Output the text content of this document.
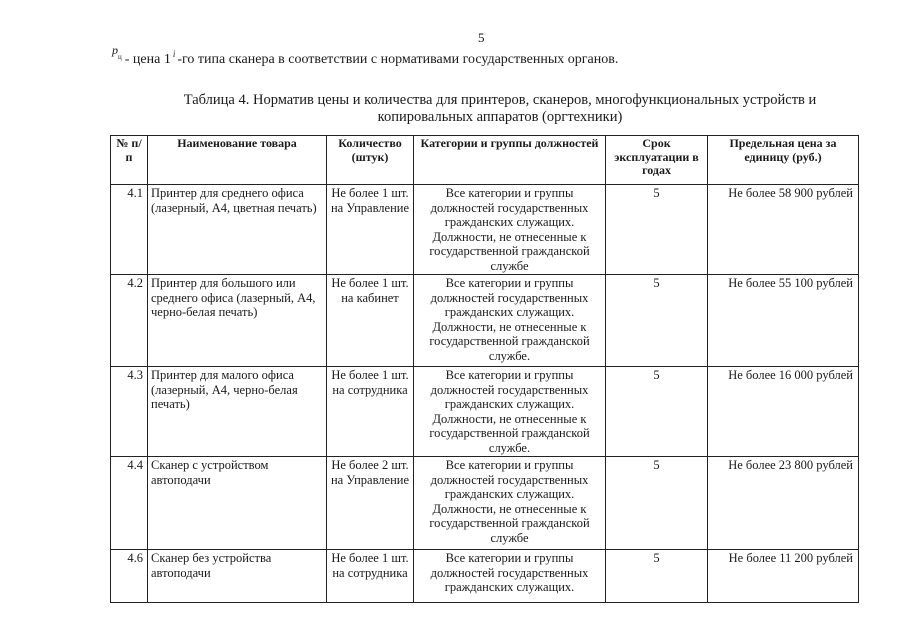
5
$p^ц$ - цена 1 $^i$ -го типа сканера в соответствии с нормативами государственных органов.
Таблица 4. Норматив цены и количества для принтеров, сканеров, многофункциональных устройств и копировальных аппаратов (оргтехники)
№ п/п	Наименование товара	Количество (штук)	Категории и группы должностей	Срок эксплуатации в годах	Предельная цена за единицу (руб.)
4.1	Принтер для среднего офиса (лазерный, А4, цветная печать)	Не более 1 шт. на Управление	Все категории и группы должностей государственных гражданских служащих. Должности, не отнесенные к государственной гражданской службе	5	Не более 58 900 рублей
4.2	Принтер для большого или среднего офиса (лазерный, А4, черно-белая печать)	Не более 1 шт. на кабинет	Все категории и группы должностей государственных гражданских служащих. Должности, не отнесенные к государственной гражданской службе.	5	Не более 55 100 рублей
4.3	Принтер для малого офиса (лазерный, А4, черно-белая печать)	Не более 1 шт. на сотрудника	Все категории и группы должностей государственных гражданских служащих. Должности, не отнесенные к государственной гражданской службе.	5	Не более 16 000 рублей
4.4	Сканер с устройством автоподачи	Не более 2 шт. на Управление	Все категории и группы должностей государственных гражданских служащих. Должности, не отнесенные к государственной гражданской службе	5	Не более 23 800 рублей
4.6	Сканер без устройства автоподачи	Не более 1 шт. на сотрудника	Все категории и группы должностей государственных гражданских служащих.	5	Не более 11 200 рублей
